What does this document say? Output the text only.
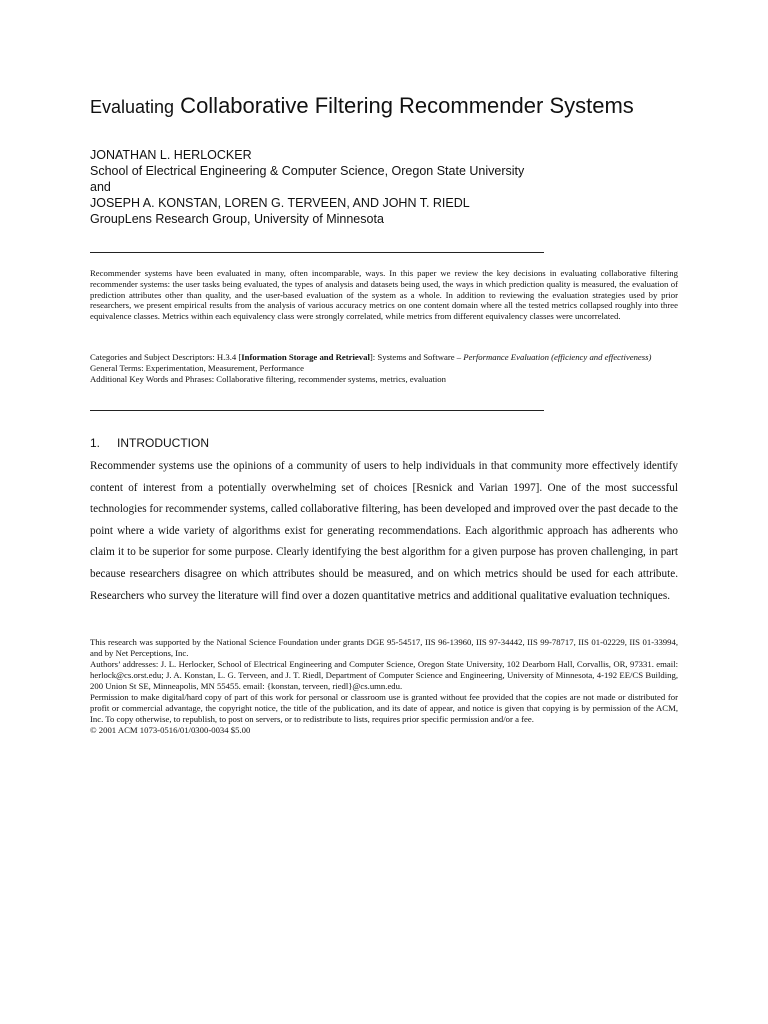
Evaluating Collaborative Filtering Recommender Systems
JONATHAN L. HERLOCKER
School of Electrical Engineering & Computer Science, Oregon State University
and
JOSEPH A. KONSTAN, LOREN G. TERVEEN, AND JOHN T. RIEDL
GroupLens Research Group, University of Minnesota
Recommender systems have been evaluated in many, often incomparable, ways. In this paper we review the key decisions in evaluating collaborative filtering recommender systems: the user tasks being evaluated, the types of analysis and datasets being used, the ways in which prediction quality is measured, the evaluation of prediction attributes other than quality, and the user-based evaluation of the system as a whole. In addition to reviewing the evaluation strategies used by prior researchers, we present empirical results from the analysis of various accuracy metrics on one content domain where all the tested metrics collapsed roughly into three equivalence classes. Metrics within each equivalency class were strongly correlated, while metrics from different equivalency classes were uncorrelated.
Categories and Subject Descriptors: H.3.4 [Information Storage and Retrieval]: Systems and Software – Performance Evaluation (efficiency and effectiveness)
General Terms: Experimentation, Measurement, Performance
Additional Key Words and Phrases: Collaborative filtering, recommender systems, metrics, evaluation
1. INTRODUCTION
Recommender systems use the opinions of a community of users to help individuals in that community more effectively identify content of interest from a potentially overwhelming set of choices [Resnick and Varian 1997]. One of the most successful technologies for recommender systems, called collaborative filtering, has been developed and improved over the past decade to the point where a wide variety of algorithms exist for generating recommendations. Each algorithmic approach has adherents who claim it to be superior for some purpose. Clearly identifying the best algorithm for a given purpose has proven challenging, in part because researchers disagree on which attributes should be measured, and on which metrics should be used for each attribute. Researchers who survey the literature will find over a dozen quantitative metrics and additional qualitative evaluation techniques.

This research was supported by the National Science Foundation under grants DGE 95-54517, IIS 96-13960, IIS 97-34442, IIS 99-78717, IIS 01-02229, IIS 01-33994, and by Net Perceptions, Inc.

Authors’ addresses: J. L. Herlocker, School of Electrical Engineering and Computer Science, Oregon State University, 102 Dearborn Hall, Corvallis, OR, 97331. email: herlock@cs.orst.edu; J. A. Konstan, L. G. Terveen, and J. T. Riedl, Department of Computer Science and Engineering, University of Minnesota, 4-192 EE/CS Building, 200 Union St SE, Minneapolis, MN 55455. email: {konstan, terveen, riedl}@cs.umn.edu.

Permission to make digital/hard copy of part of this work for personal or classroom use is granted without fee provided that the copies are not made or distributed for profit or commercial advantage, the copyright notice, the title of the publication, and its date of appear, and notice is given that copying is by permission of the ACM, Inc. To copy otherwise, to republish, to post on servers, or to redistribute to lists, requires prior specific permission and/or a fee.

© 2001 ACM 1073-0516/01/0300-0034 $5.00
